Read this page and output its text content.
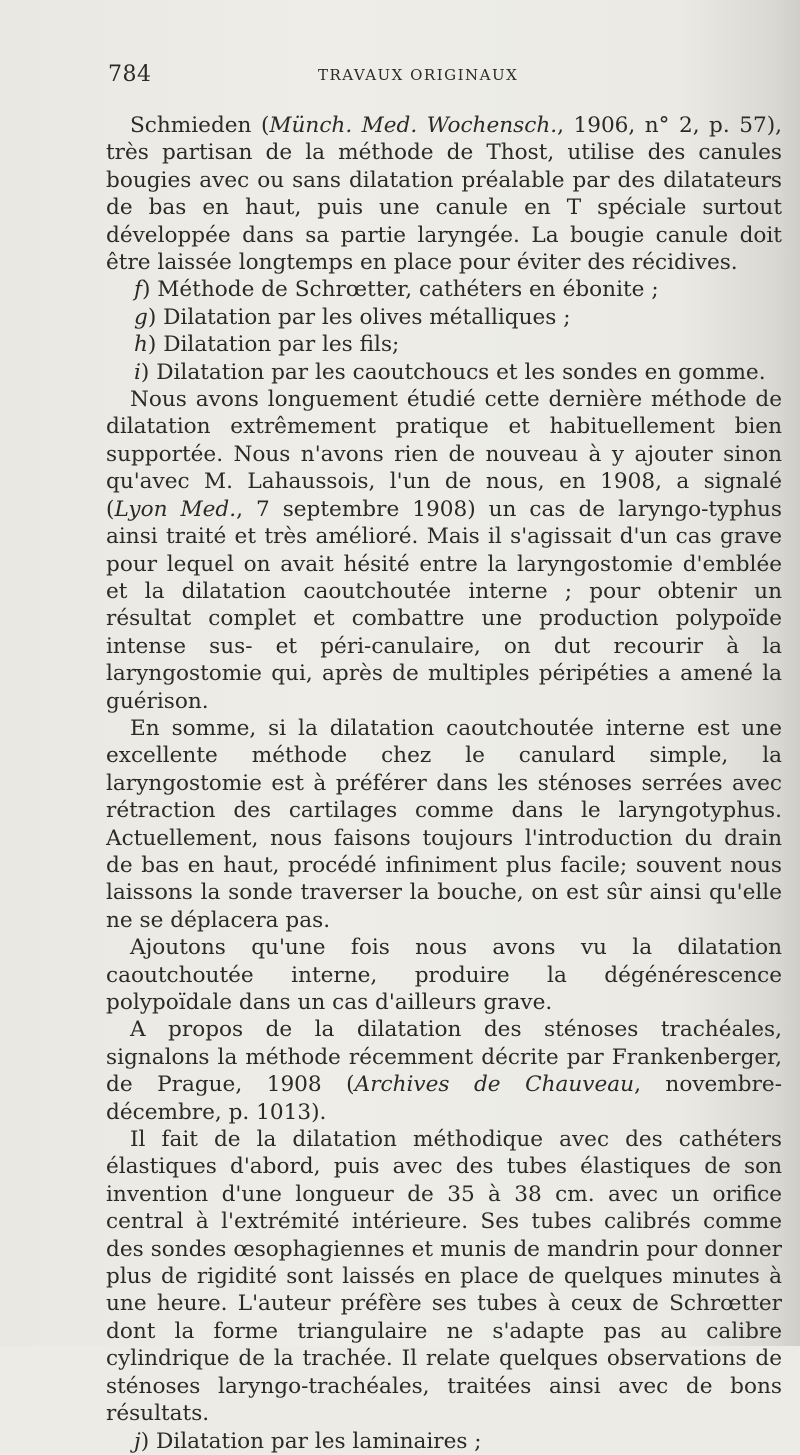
784	TRAVAUX ORIGINAUX

Schmieden (Münch. Med. Wochensch., 1906, n° 2, p. 57), très partisan de la méthode de Thost, utilise des canules bougies avec ou sans dilatation préalable par des dilatateurs de bas en haut, puis une canule en T spéciale surtout développée dans sa partie laryngée. La bougie canule doit être laissée longtemps en place pour éviter des récidives.

f) Méthode de Schrœtter, cathéters en ébonite ;

g) Dilatation par les olives métalliques ;

h) Dilatation par les fils;

i) Dilatation par les caoutchoucs et les sondes en gomme.

Nous avons longuement étudié cette dernière méthode de dilatation extrêmement pratique et habituellement bien supportée. Nous n'avons rien de nouveau à y ajouter sinon qu'avec M. Lahaussois, l'un de nous, en 1908, a signalé (Lyon Med., 7 septembre 1908) un cas de laryngo-typhus ainsi traité et très amélioré. Mais il s'agissait d'un cas grave pour lequel on avait hésité entre la laryngostomie d'emblée et la dilatation caoutchoutée interne ; pour obtenir un résultat complet et combattre une production polypoïde intense sus- et péri-canulaire, on dut recourir à la laryngostomie qui, après de multiples péripéties a amené la guérison.

En somme, si la dilatation caoutchoutée interne est une excellente méthode chez le canulard simple, la laryngostomie est à préférer dans les sténoses serrées avec rétraction des cartilages comme dans le laryngotyphus. Actuellement, nous faisons toujours l'introduction du drain de bas en haut, procédé infiniment plus facile; souvent nous laissons la sonde traverser la bouche, on est sûr ainsi qu'elle ne se déplacera pas.

Ajoutons qu'une fois nous avons vu la dilatation caoutchoutée interne, produire la dégénérescence polypoïdale dans un cas d'ailleurs grave.

A propos de la dilatation des sténoses trachéales, signalons la méthode récemment décrite par Frankenberger, de Prague, 1908 (Archives de Chauveau, novembre-décembre, p. 1013).

Il fait de la dilatation méthodique avec des cathéters élastiques d'abord, puis avec des tubes élastiques de son invention d'une longueur de 35 à 38 cm. avec un orifice central à l'extrémité intérieure. Ses tubes calibrés comme des sondes œsophagiennes et munis de mandrin pour donner plus de rigidité sont laissés en place de quelques minutes à une heure. L'auteur préfère ses tubes à ceux de Schrœtter dont la forme triangulaire ne s'adapte pas au calibre cylindrique de la trachée. Il relate quelques observations de sténoses laryngo-trachéales, traitées ainsi avec de bons résultats.

j) Dilatation par les laminaires ;
